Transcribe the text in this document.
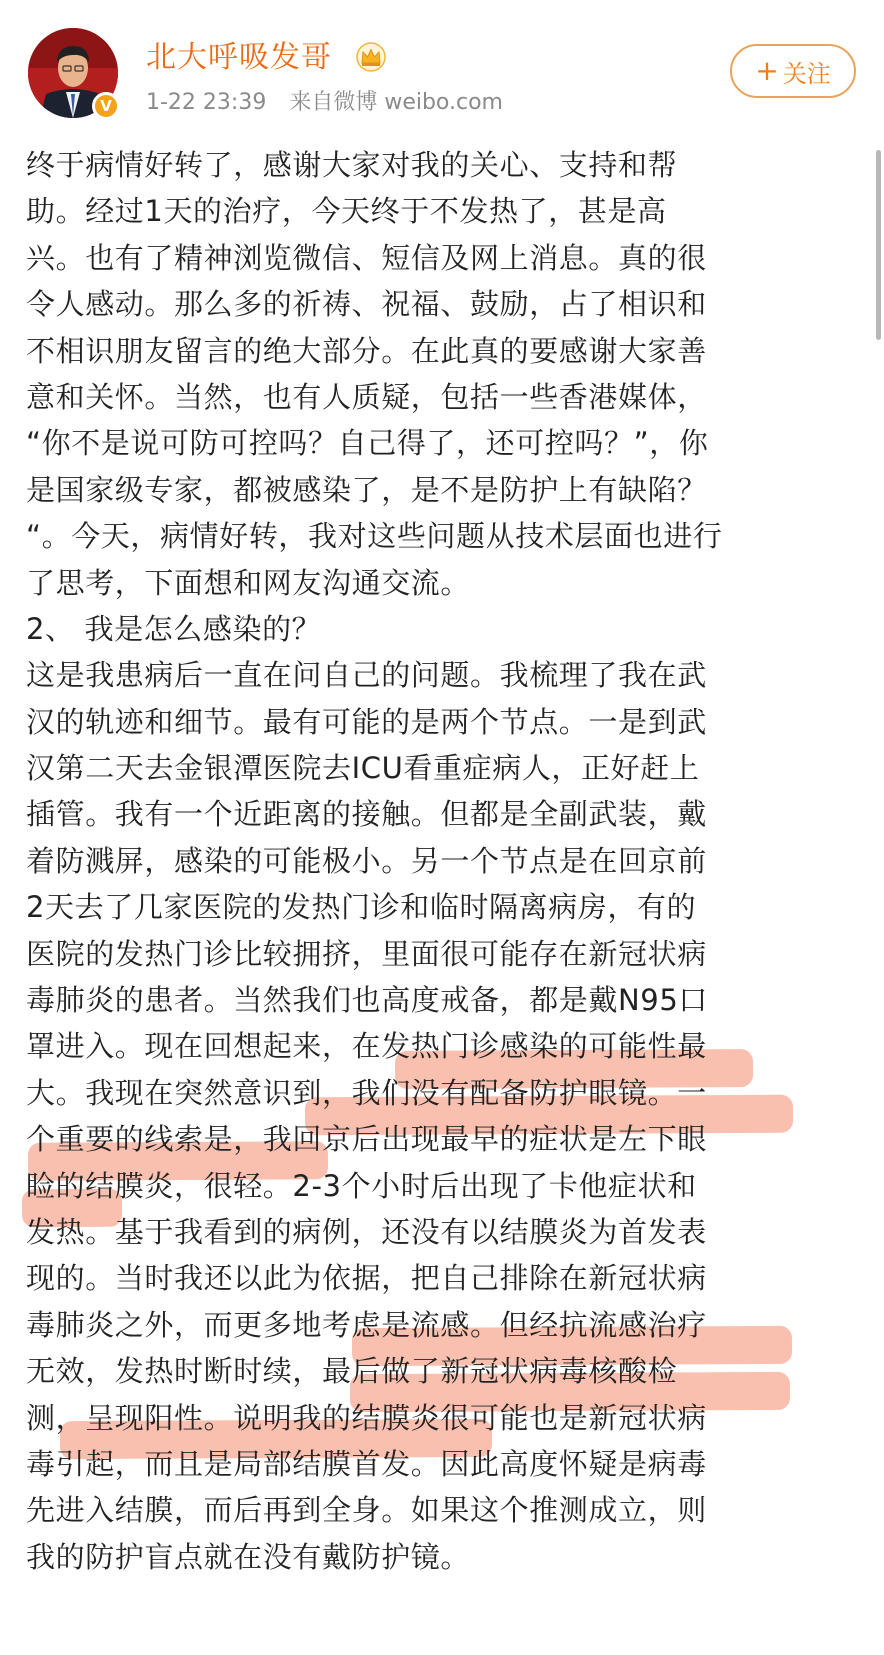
V
北大呼吸发哥
1-22 23:39 来自微博 weibo.com
+ 关注
终于病情好转了，感谢大家对我的关心、支持和帮
助。经过1天的治疗，今天终于不发热了，甚是高
兴。也有了精神浏览微信、短信及网上消息。真的很
令人感动。那么多的祈祷、祝福、鼓励，占了相识和
不相识朋友留言的绝大部分。在此真的要感谢大家善
意和关怀。当然，也有人质疑，包括一些香港媒体，
“你不是说可防可控吗？自己得了，还可控吗？”，你
是国家级专家，都被感染了，是不是防护上有缺陷？
“。今天，病情好转，我对这些问题从技术层面也进行
了思考，下面想和网友沟通交流。
2、 我是怎么感染的？
这是我患病后一直在问自己的问题。我梳理了我在武
汉的轨迹和细节。最有可能的是两个节点。一是到武
汉第二天去金银潭医院去ICU看重症病人，正好赶上
插管。我有一个近距离的接触。但都是全副武装，戴
着防溅屏，感染的可能极小。另一个节点是在回京前
2天去了几家医院的发热门诊和临时隔离病房，有的
医院的发热门诊比较拥挤，里面很可能存在新冠状病
毒肺炎的患者。当然我们也高度戒备，都是戴N95口
罩进入。现在回想起来，在发热门诊感染的可能性最
大。我现在突然意识到，我们没有配备防护眼镜。一
个重要的线索是，我回京后出现最早的症状是左下眼
睑的结膜炎，很轻。2-3个小时后出现了卡他症状和
发热。基于我看到的病例，还没有以结膜炎为首发表
现的。当时我还以此为依据，把自己排除在新冠状病
毒肺炎之外，而更多地考虑是流感。但经抗流感治疗
无效，发热时断时续，最后做了新冠状病毒核酸检
测，呈现阳性。说明我的结膜炎很可能也是新冠状病
毒引起，而且是局部结膜首发。因此高度怀疑是病毒
先进入结膜，而后再到全身。如果这个推测成立，则
我的防护盲点就在没有戴防护镜。
